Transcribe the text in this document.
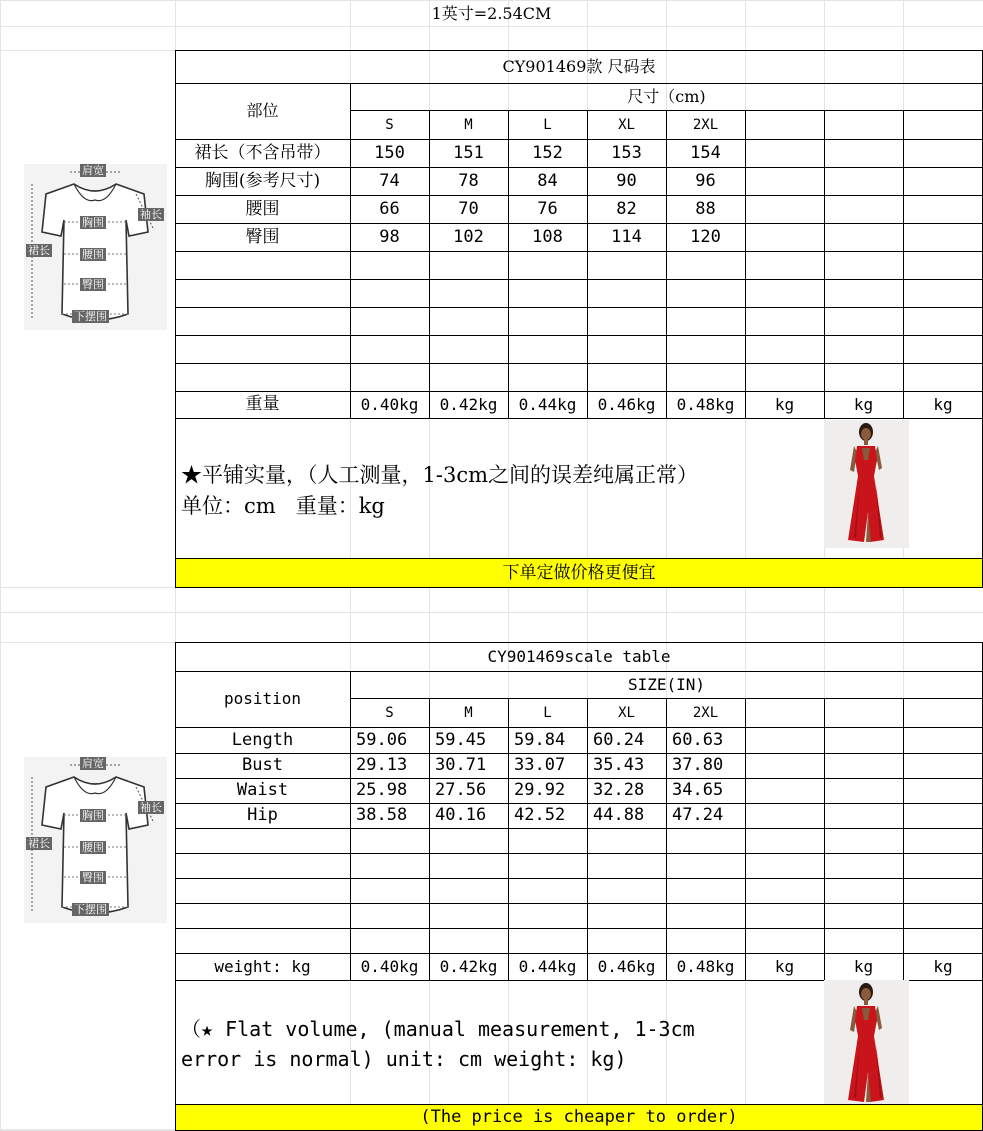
1英寸=2.54CM
CY901469款 尺码表
部位
尺寸（cm)
S	M	L	XL	2XL
裙长（不含吊带）	150	151	152	153	154
胸围(参考尺寸)	74	78	84	90	96
腰围	66	70	76	82	88
臀围	98	102	108	114	120
重量	0.40kg	0.42kg	0.44kg	0.46kg	0.48kg	kg	kg	kg
★平铺实量，（人工测量，1-3cm之间的误差纯属正常）
单位：cm   重量：kg
下单定做价格更便宜
肩宽
袖长
裙长
胸围
腰围
臀围
下摆围
CY901469scale table
position
SIZE(IN)
S	M	L	XL	2XL
Length	59.06	59.45	59.84	60.24	60.63
Bust	29.13	30.71	33.07	35.43	37.80
Waist	25.98	27.56	29.92	32.28	34.65
Hip	38.58	40.16	42.52	44.88	47.24
weight: kg	0.40kg	0.42kg	0.44kg	0.46kg	0.48kg	kg	kg	kg
（★ Flat volume, (manual measurement, 1-3cm
error is normal) unit: cm weight: kg)
(The price is cheaper to order)
肩宽
袖长
裙长
胸围
腰围
臀围
下摆围
